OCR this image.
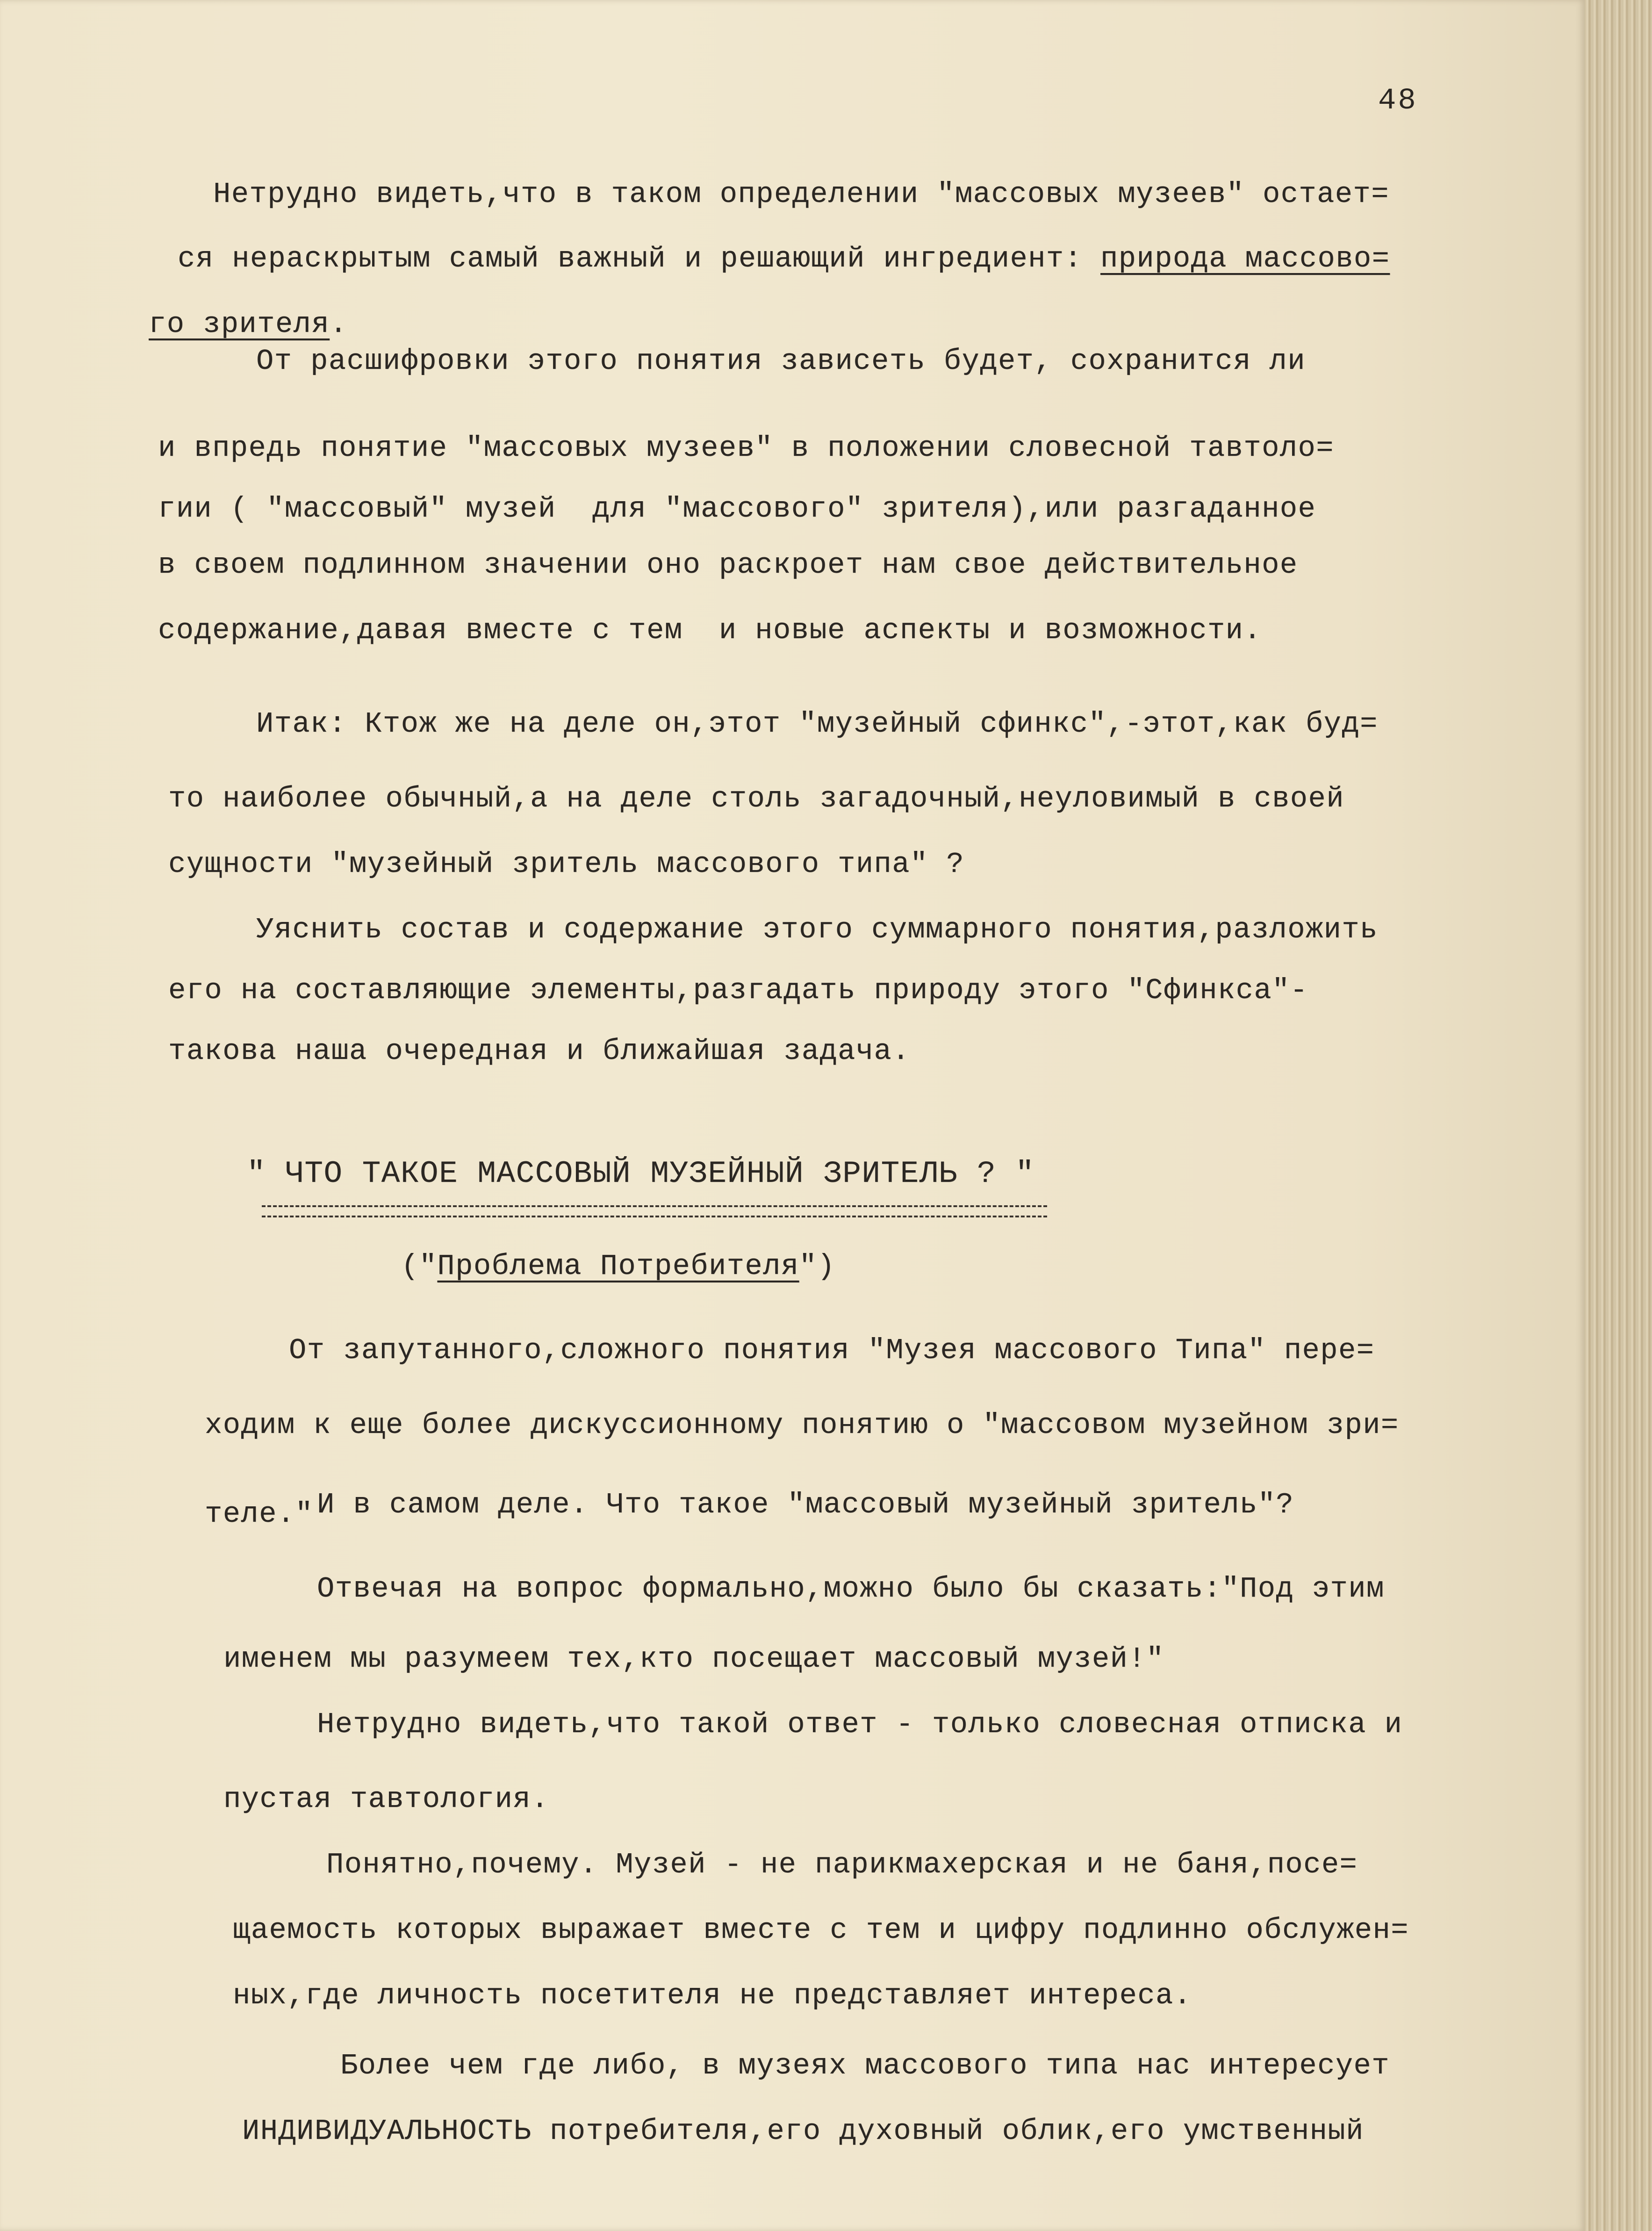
48
Нетрудно видеть,что в таком определении "массовых музеев" остает=
ся нераскрытым самый важный и решающий ингредиент: природа массово=
го зрителя.
От расшифровки этого понятия зависеть будет, сохранится ли
и впредь понятие "массовых музеев" в положении словесной тавтоло=
гии ( "массовый" музей  для "массового" зрителя),или разгаданное
в своем подлинном значении оно раскроет нам свое действительное
содержание,давая вместе с тем  и новые аспекты и возможности.
Итак: Ктож же на деле он,этот "музейный сфинкс",-этот,как буд=
то наиболее обычный,а на деле столь загадочный,неуловимый в своей
сущности "музейный зритель массового типа" ?
Уяснить состав и содержание этого суммарного понятия,разложить
его на составляющие элементы,разгадать природу этого "Сфинкса"-
такова наша очередная и ближайшая задача.
" ЧТО ТАКОЕ МАССОВЫЙ МУЗЕЙНЫЙ ЗРИТЕЛЬ ? "
("Проблема Потребителя")
От запутанного,сложного понятия "Музея массового Типа" пере=
ходим к еще более дискуссионному понятию о "массовом музейном зри=
теле." И в самом деле. Что такое "массовый музейный зритель"?
Отвечая на вопрос формально,можно было бы сказать:"Под этим
именем мы разумеем тех,кто посещает массовый музей!"
Нетрудно видеть,что такой ответ - только словесная отписка и
пустая тавтология.
Понятно,почему. Музей - не парикмахерская и не баня,посе=
щаемость которых выражает вместе с тем и цифру подлинно обслужен=
ных,где личность посетителя не представляет интереса.
Более чем где либо, в музеях массового типа нас интересует
ИНДИВИДУАЛЬНОСТЬ потребителя,его духовный облик,его умственный
